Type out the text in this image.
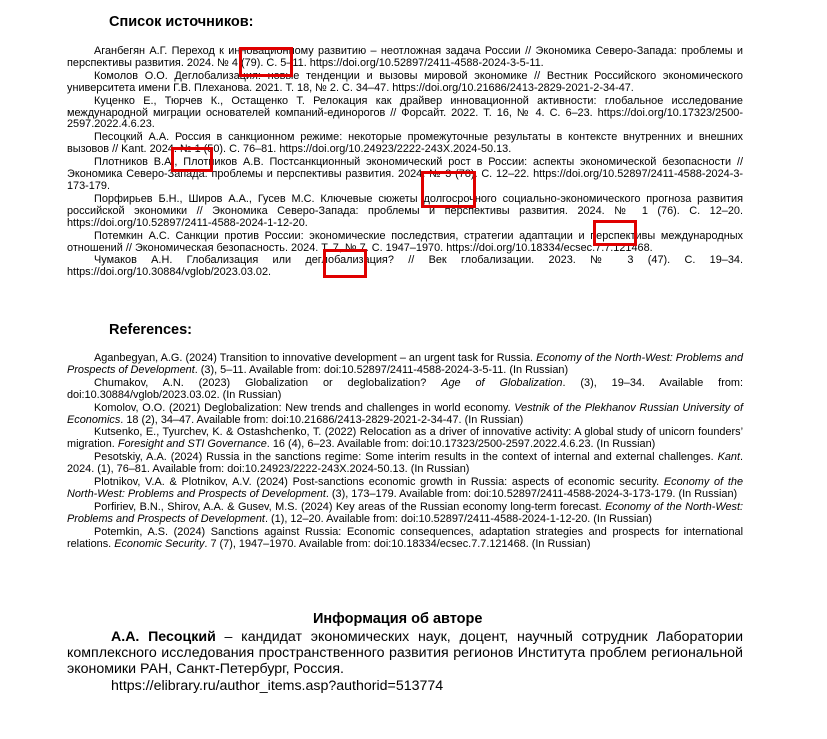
Список источников:

Аганбегян А.Г. Переход к инновационному развитию – неотложная задача России // Экономика Северо-Запада: проблемы и перспективы развития. 2024. № 4 (79). С. 5–11. https://doi.org/10.52897/2411-4588-2024-3-5-11.

Комолов О.О. Деглобализация: новые тенденции и вызовы мировой экономике // Вестник Российского экономического университета имени Г.В. Плеханова. 2021. Т. 18, № 2. С. 34–47. https://doi.org/10.21686/2413-2829-2021-2-34-47.

Куценко Е., Тюрчев К., Остащенко Т. Релокация как драйвер инновационной активности: глобальное исследование международной миграции основателей компаний-единорогов // Форсайт. 2022. Т. 16, № 4. С. 6–23. https://doi.org/10.17323/2500-2597.2022.4.6.23.

Песоцкий А.А. Россия в санкционном режиме: некоторые промежуточные результаты в контексте внутренних и внешних вызовов // Kant. 2024. № 1 (50). С. 76–81. https://doi.org/10.24923/2222-243X.2024-50.13.

Плотников В.А., Плотников А.В. Постсанкционный экономический рост в России: аспекты экономической безопасности // Экономика Северо-Запада: проблемы и перспективы развития. 2024. № 3 (78). С. 12–22. https://doi.org/10.52897/2411-4588-2024-3-173-179.

Порфирьев Б.Н., Широв А.А., Гусев М.С. Ключевые сюжеты долгосрочного социально-экономического прогноза развития российской экономики // Экономика Северо-Запада: проблемы и перспективы развития. 2024. № 1 (76). С. 12–20. https://doi.org/10.52897/2411-4588-2024-1-12-20.

Потемкин А.С. Санкции против России: экономические последствия, стратегии адаптации и перспективы международных отношений // Экономическая безопасность. 2024. Т. 7, № 7. С. 1947–1970. https://doi.org/10.18334/ecsec.7.7.121468.

Чумаков А.Н. Глобализация или деглобализация? // Век глобализации. 2023. № 3 (47). С. 19–34. https://doi.org/10.30884/vglob/2023.03.02.

References:

Aganbegyan, A.G. (2024) Transition to innovative development – an urgent task for Russia. Economy of the North-West: Problems and Prospects of Development. (3), 5–11. Available from: doi:10.52897/2411-4588-2024-3-5-11. (In Russian)

Chumakov, A.N. (2023) Globalization or deglobalization? Age of Globalization. (3), 19–34. Available from: doi:10.30884/vglob/2023.03.02. (In Russian)

Komolov, O.O. (2021) Deglobalization: New trends and challenges in world economy. Vestnik of the Plekhanov Russian University of Economics. 18 (2), 34–47. Available from: doi:10.21686/2413-2829-2021-2-34-47. (In Russian)

Kutsenko, E., Tyurchev, K. & Ostashchenko, T. (2022) Relocation as a driver of innovative activity: A global study of unicorn founders’ migration. Foresight and STI Governance. 16 (4), 6–23. Available from: doi:10.17323/2500-2597.2022.4.6.23. (In Russian)

Pesotskiy, A.A. (2024) Russia in the sanctions regime: Some interim results in the context of internal and external challenges. Kant. 2024. (1), 76–81. Available from: doi:10.24923/2222-243X.2024-50.13. (In Russian)

Plotnikov, V.A. & Plotnikov, A.V. (2024) Post-sanctions economic growth in Russia: aspects of economic security. Economy of the North-West: Problems and Prospects of Development. (3), 173–179. Available from: doi:10.52897/2411-4588-2024-3-173-179. (In Russian)

Porfiriev, B.N., Shirov, A.A. & Gusev, M.S. (2024) Key areas of the Russian economy long-term forecast. Economy of the North-West: Problems and Prospects of Development. (1), 12–20. Available from: doi:10.52897/2411-4588-2024-1-12-20. (In Russian)

Potemkin, A.S. (2024) Sanctions against Russia: Economic consequences, adaptation strategies and prospects for international relations. Economic Security. 7 (7), 1947–1970. Available from: doi:10.18334/ecsec.7.7.121468. (In Russian)

Информация об авторе

А.А. Песоцкий – кандидат экономических наук, доцент, научный сотрудник Лаборатории комплексного исследования пространственного развития регионов Института проблем региональной экономики РАН, Санкт-Петербург, Россия.

https://elibrary.ru/author_items.asp?authorid=513774
